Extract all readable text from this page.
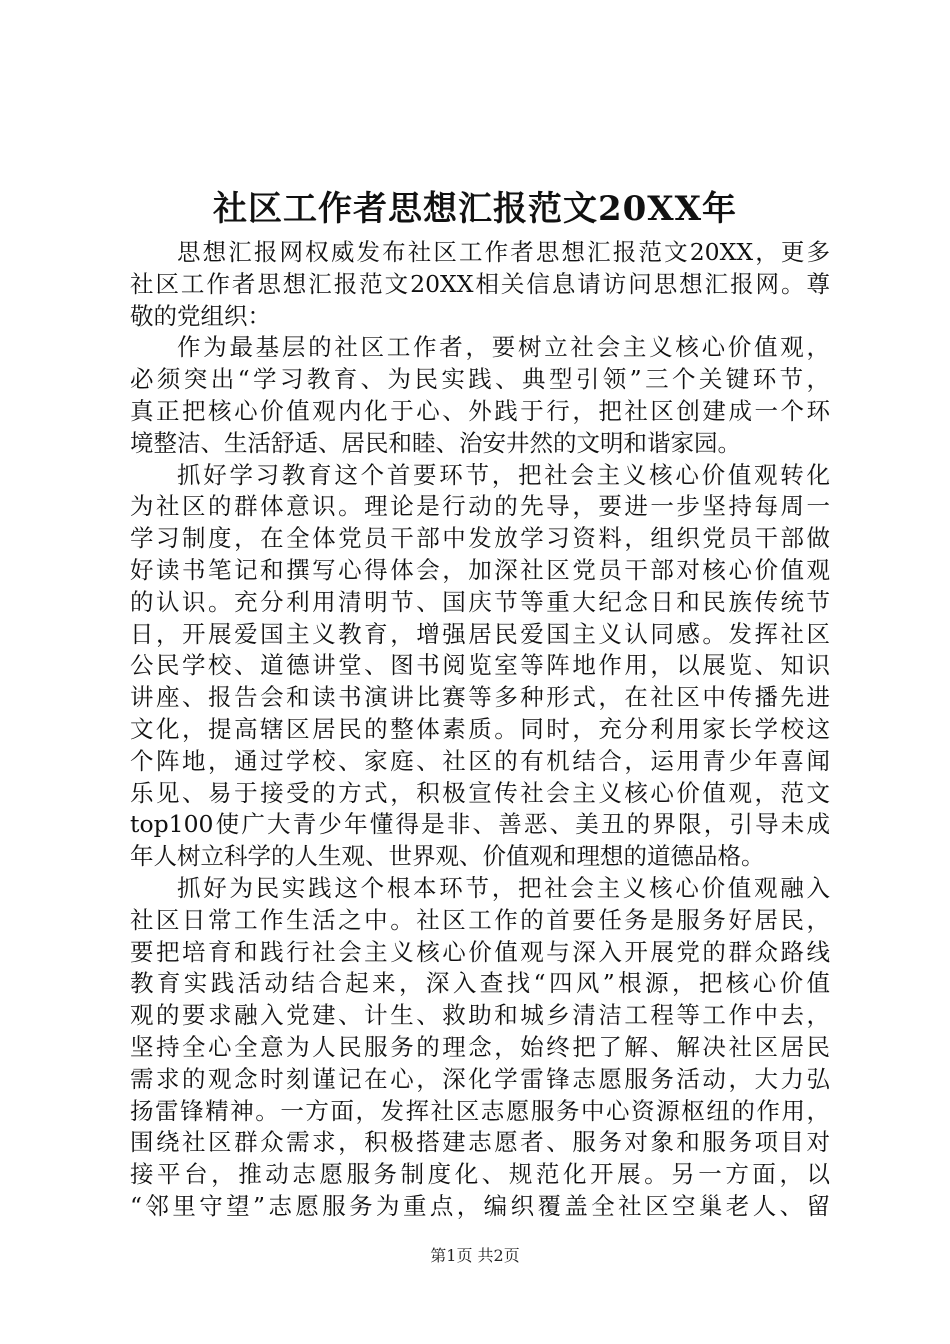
社区工作者思想汇报范文20XX年
思想汇报网权威发布社区工作者思想汇报范文20XX，更多
社区工作者思想汇报范文20XX相关信息请访问思想汇报网。尊
敬的党组织：
作为最基层的社区工作者，要树立社会主义核心价值观，
必须突出“学习教育、为民实践、典型引领”三个关键环节，
真正把核心价值观内化于心、外践于行，把社区创建成一个环
境整洁、生活舒适、居民和睦、治安井然的文明和谐家园。
抓好学习教育这个首要环节，把社会主义核心价值观转化
为社区的群体意识。理论是行动的先导，要进一步坚持每周一
学习制度，在全体党员干部中发放学习资料，组织党员干部做
好读书笔记和撰写心得体会，加深社区党员干部对核心价值观
的认识。充分利用清明节、国庆节等重大纪念日和民族传统节
日，开展爱国主义教育，增强居民爱国主义认同感。发挥社区
公民学校、道德讲堂、图书阅览室等阵地作用，以展览、知识
讲座、报告会和读书演讲比赛等多种形式，在社区中传播先进
文化，提高辖区居民的整体素质。同时，充分利用家长学校这
个阵地，通过学校、家庭、社区的有机结合，运用青少年喜闻
乐见、易于接受的方式，积极宣传社会主义核心价值观，范文
top100使广大青少年懂得是非、善恶、美丑的界限，引导未成
年人树立科学的人生观、世界观、价值观和理想的道德品格。
抓好为民实践这个根本环节，把社会主义核心价值观融入
社区日常工作生活之中。社区工作的首要任务是服务好居民，
要把培育和践行社会主义核心价值观与深入开展党的群众路线
教育实践活动结合起来，深入查找“四风”根源，把核心价值
观的要求融入党建、计生、救助和城乡清洁工程等工作中去，
坚持全心全意为人民服务的理念，始终把了解、解决社区居民
需求的观念时刻谨记在心，深化学雷锋志愿服务活动，大力弘
扬雷锋精神。一方面，发挥社区志愿服务中心资源枢纽的作用，
围绕社区群众需求，积极搭建志愿者、服务对象和服务项目对
接平台，推动志愿服务制度化、规范化开展。另一方面，以
“邻里守望”志愿服务为重点，编织覆盖全社区空巢老人、留
第1页 共2页
